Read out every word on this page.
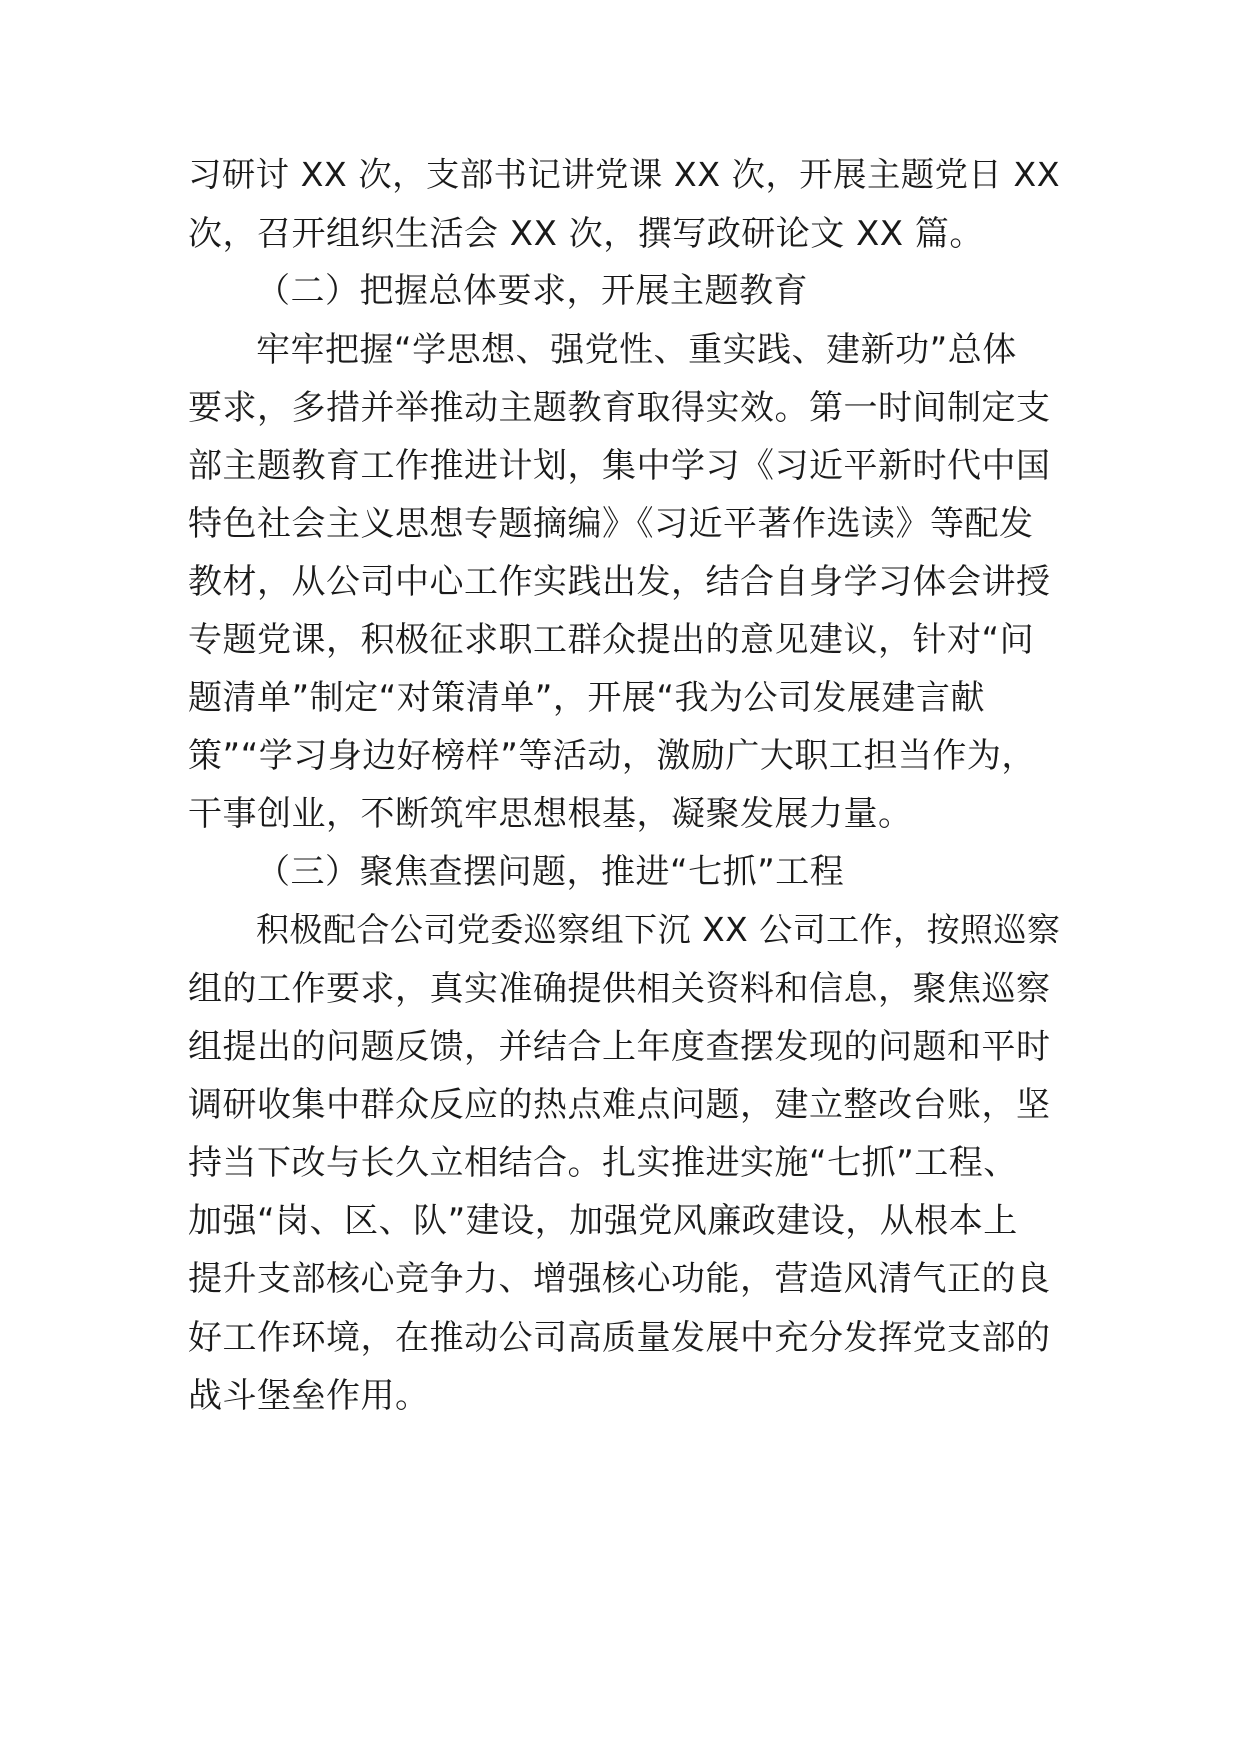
习研讨 XX 次，支部书记讲党课 XX 次，开展主题党日 XX
次，召开组织生活会 XX 次，撰写政研论文 XX 篇。
（二）把握总体要求，开展主题教育
牢牢把握“学思想、强党性、重实践、建新功”总体
要求，多措并举推动主题教育取得实效。第一时间制定支
部主题教育工作推进计划，集中学习《习近平新时代中国
特色社会主义思想专题摘编》《习近平著作选读》等配发
教材，从公司中心工作实践出发，结合自身学习体会讲授
专题党课，积极征求职工群众提出的意见建议，针对“问
题清单”制定“对策清单”，开展“我为公司发展建言献
策”“学习身边好榜样”等活动，激励广大职工担当作为，
干事创业，不断筑牢思想根基，凝聚发展力量。
（三）聚焦查摆问题，推进“七抓”工程
积极配合公司党委巡察组下沉 XX 公司工作，按照巡察
组的工作要求，真实准确提供相关资料和信息，聚焦巡察
组提出的问题反馈，并结合上年度查摆发现的问题和平时
调研收集中群众反应的热点难点问题，建立整改台账，坚
持当下改与长久立相结合。扎实推进实施“七抓”工程、
加强“岗、区、队”建设，加强党风廉政建设，从根本上
提升支部核心竞争力、增强核心功能，营造风清气正的良
好工作环境，在推动公司高质量发展中充分发挥党支部的
战斗堡垒作用。
